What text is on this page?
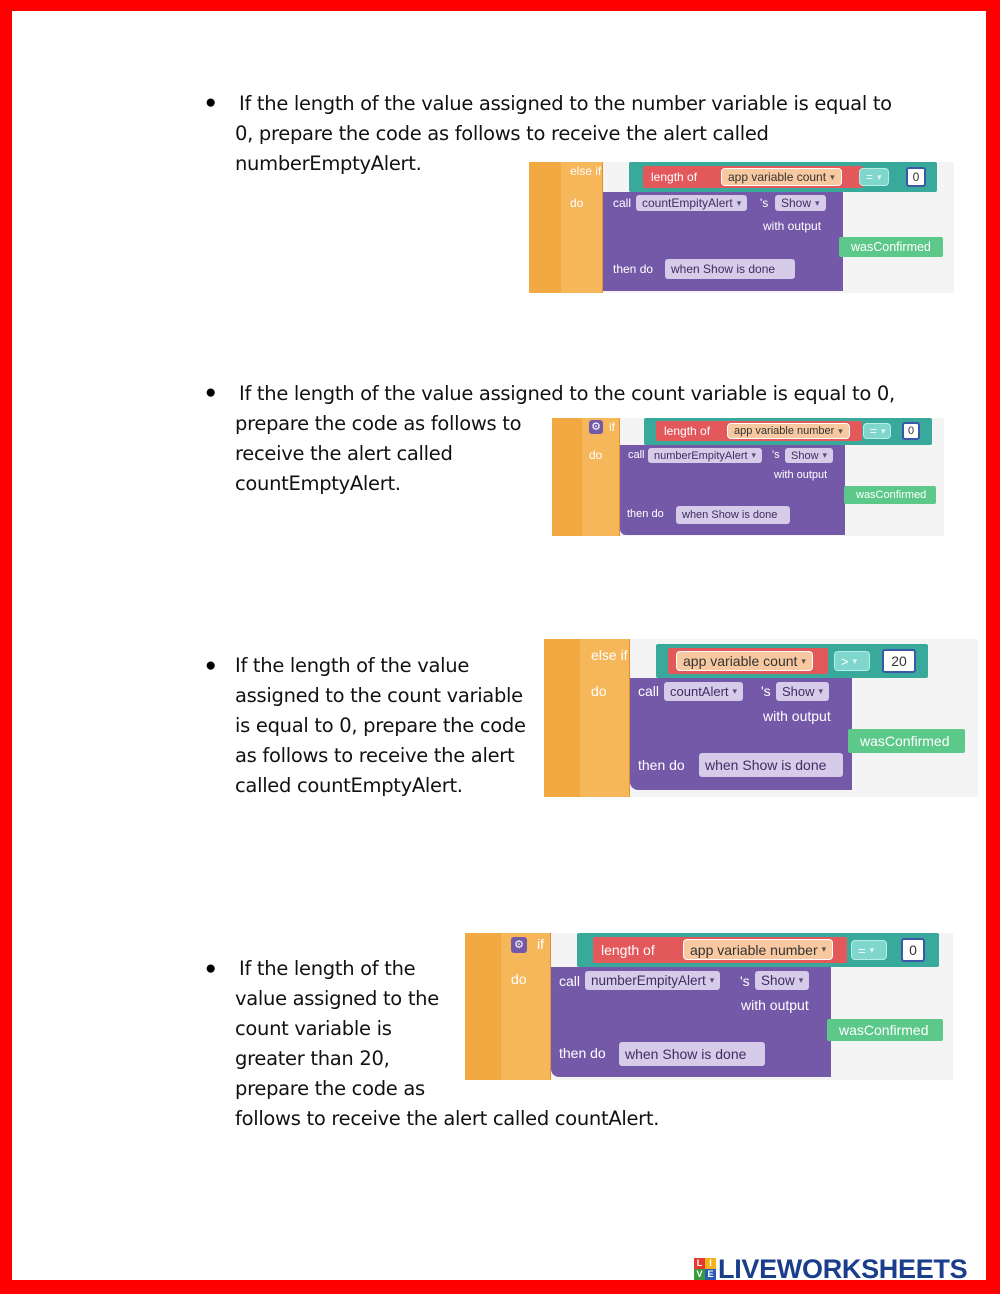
● If the length of the value assigned to the number variable is equal to
0, prepare the code as follows to receive the alert called
numberEmptyAlert.	else if
do
length of	app variable count ▾	= ▾	0
call countEmpityAlert ▾ 's Show ▾
with output
wasConfirmed
then do when Show is done
● If the length of the value assigned to the count variable is equal to 0,
prepare the code as follows to
receive the alert called
countEmptyAlert.
⚙ if
do
length of app variable number ▾ = ▾	0
call numberEmpityAlert ▾ 's Show ▾
with output
wasConfirmed
then do when Show is done
● If the length of the value
assigned to the count variable
is equal to 0, prepare the code
as follows to receive the alert
called countEmptyAlert.
else if
do
app variable count ▾	> ▾	20
call countAlert ▾ 's Show ▾
with output
wasConfirmed
then do when Show is done
● If the length of the
value assigned to the
count variable is
greater than 20,
prepare the code as
follows to receive the alert called countAlert.
⚙ if
do
length of	app variable number ▾ = ▾	0
call numberEmpityAlert ▾ 's Show ▾
with output
wasConfirmed
then do when Show is done
L I
V E LIVEWORKSHEETS
